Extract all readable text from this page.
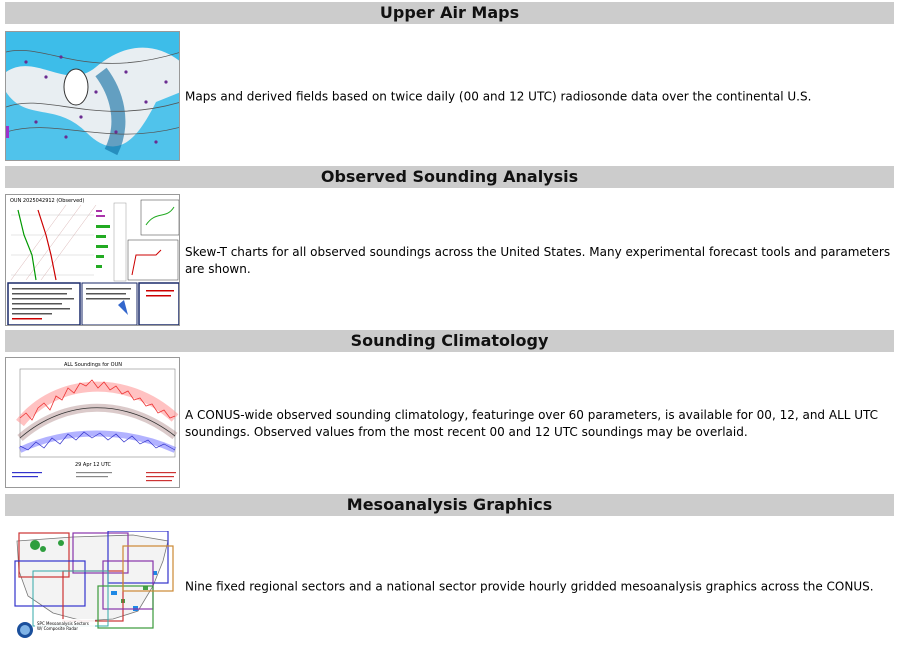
Upper Air Maps
Maps and derived fields based on twice daily (00 and 12 UTC) radiosonde data over the continental U.S.
Observed Sounding Analysis
OUN 2025042912 (Observed)
Skew-T charts for all observed soundings across the United States. Many experimental forecast tools and parameters are shown.
Sounding Climatology
ALL Soundings for OUN
29 Apr 12 UTC
A CONUS-wide observed sounding climatology, featuringe over 60 parameters, is available for 00, 12, and ALL UTC soundings. Observed values from the most recent 00 and 12 UTC soundings may be overlaid.
Mesoanalysis Graphics
SPC Mesoanalysis Sectors
W/ Composite Radar
Nine fixed regional sectors and a national sector provide hourly gridded mesoanalysis graphics across the CONUS.
